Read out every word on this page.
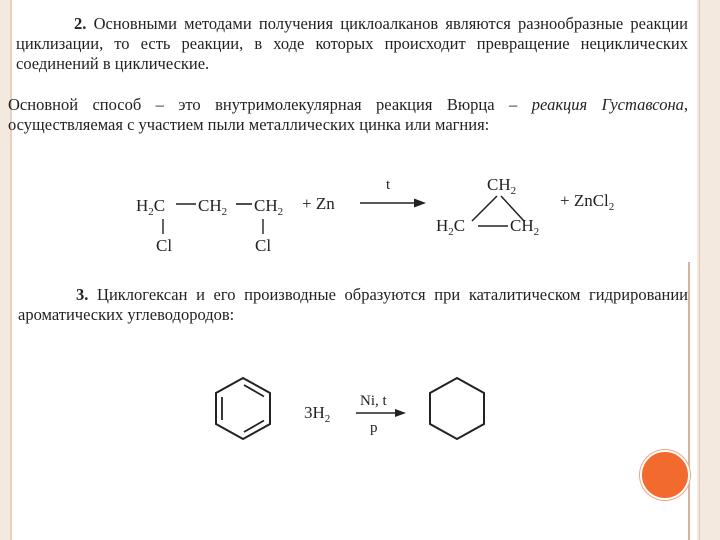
2. Основными методами получения циклоалканов являются разнообразные реакции циклизации, то есть реакции, в ходе которых происходит превращение нециклических соединений в циклические.
Основной способ – это внутримолекулярная реакция Вюрца – реакция Густавсона, осуществляемая с участием пыли металлических цинка или магния:
3. Циклогексан и его производные образуются при каталитическом гидрировании ароматических углеводородов:
$H_2C$ $CH_2$ $CH_2$
Cl	Cl
+ Zn
t	$CH_2$
$H_2C$	$CH_2$
+ ZnCl$_2$
$3H_2$
Ni, t
p
